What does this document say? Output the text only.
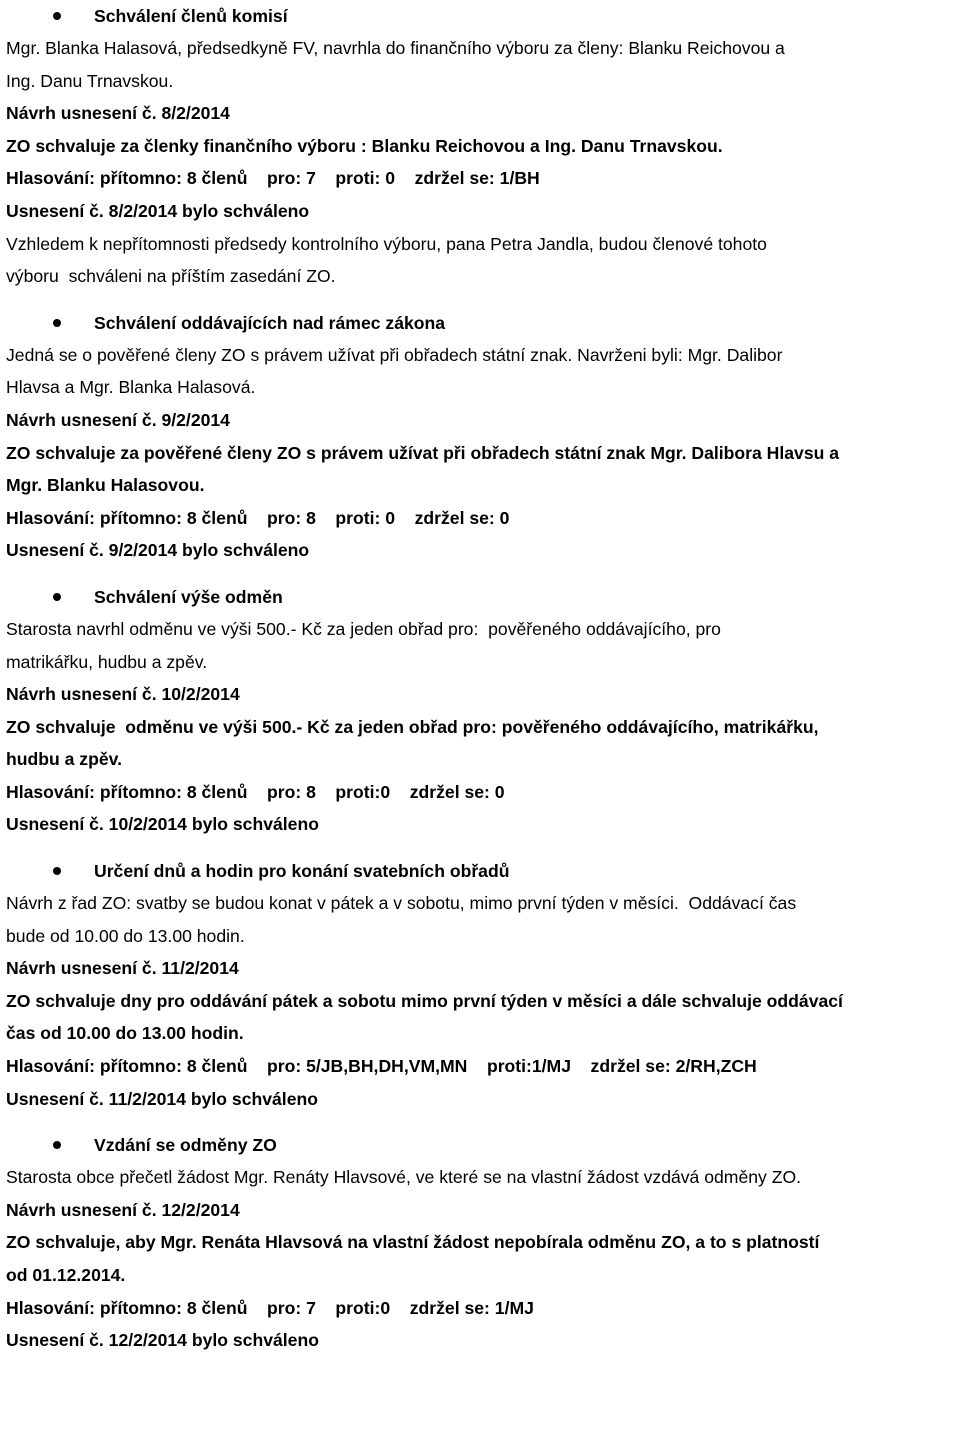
Schválení členů komisí
Mgr. Blanka Halasová, předsedkyně FV, navrhla do finančního výboru za členy: Blanku Reichovou a
Ing. Danu Trnavskou.
Návrh usnesení č. 8/2/2014
ZO schvaluje za členky finančního výboru : Blanku Reichovou a Ing. Danu Trnavskou.
Hlasování: přítomno: 8 členů    pro: 7    proti: 0    zdržel se: 1/BH
Usnesení č. 8/2/2014 bylo schváleno
Vzhledem k nepřítomnosti předsedy kontrolního výboru, pana Petra Jandla, budou členové tohoto
výboru  schváleni na příštím zasedání ZO.
Schválení oddávajících nad rámec zákona
Jedná se o pověřené členy ZO s právem užívat při obřadech státní znak. Navrženi byli: Mgr. Dalibor
Hlavsa a Mgr. Blanka Halasová.
Návrh usnesení č. 9/2/2014
ZO schvaluje za pověřené členy ZO s právem užívat při obřadech státní znak Mgr. Dalibora Hlavsu a
Mgr. Blanku Halasovou.
Hlasování: přítomno: 8 členů    pro: 8    proti: 0    zdržel se: 0
Usnesení č. 9/2/2014 bylo schváleno
Schválení výše odměn
Starosta navrhl odměnu ve výši 500.- Kč za jeden obřad pro:  pověřeného oddávajícího, pro
matrikářku, hudbu a zpěv.
Návrh usnesení č. 10/2/2014
ZO schvaluje  odměnu ve výši 500.- Kč za jeden obřad pro: pověřeného oddávajícího, matrikářku,
hudbu a zpěv.
Hlasování: přítomno: 8 členů    pro: 8    proti:0    zdržel se: 0
Usnesení č. 10/2/2014 bylo schváleno
Určení dnů a hodin pro konání svatebních obřadů
Návrh z řad ZO: svatby se budou konat v pátek a v sobotu, mimo první týden v měsíci.  Oddávací čas
bude od 10.00 do 13.00 hodin.
Návrh usnesení č. 11/2/2014
ZO schvaluje dny pro oddávání pátek a sobotu mimo první týden v měsíci a dále schvaluje oddávací
čas od 10.00 do 13.00 hodin.
Hlasování: přítomno: 8 členů    pro: 5/JB,BH,DH,VM,MN    proti:1/MJ    zdržel se: 2/RH,ZCH
Usnesení č. 11/2/2014 bylo schváleno
Vzdání se odměny ZO
Starosta obce přečetl žádost Mgr. Renáty Hlavsové, ve které se na vlastní žádost vzdává odměny ZO.
Návrh usnesení č. 12/2/2014
ZO schvaluje, aby Mgr. Renáta Hlavsová na vlastní žádost nepobírala odměnu ZO, a to s platností
od 01.12.2014.
Hlasování: přítomno: 8 členů    pro: 7    proti:0    zdržel se: 1/MJ
Usnesení č. 12/2/2014 bylo schváleno
